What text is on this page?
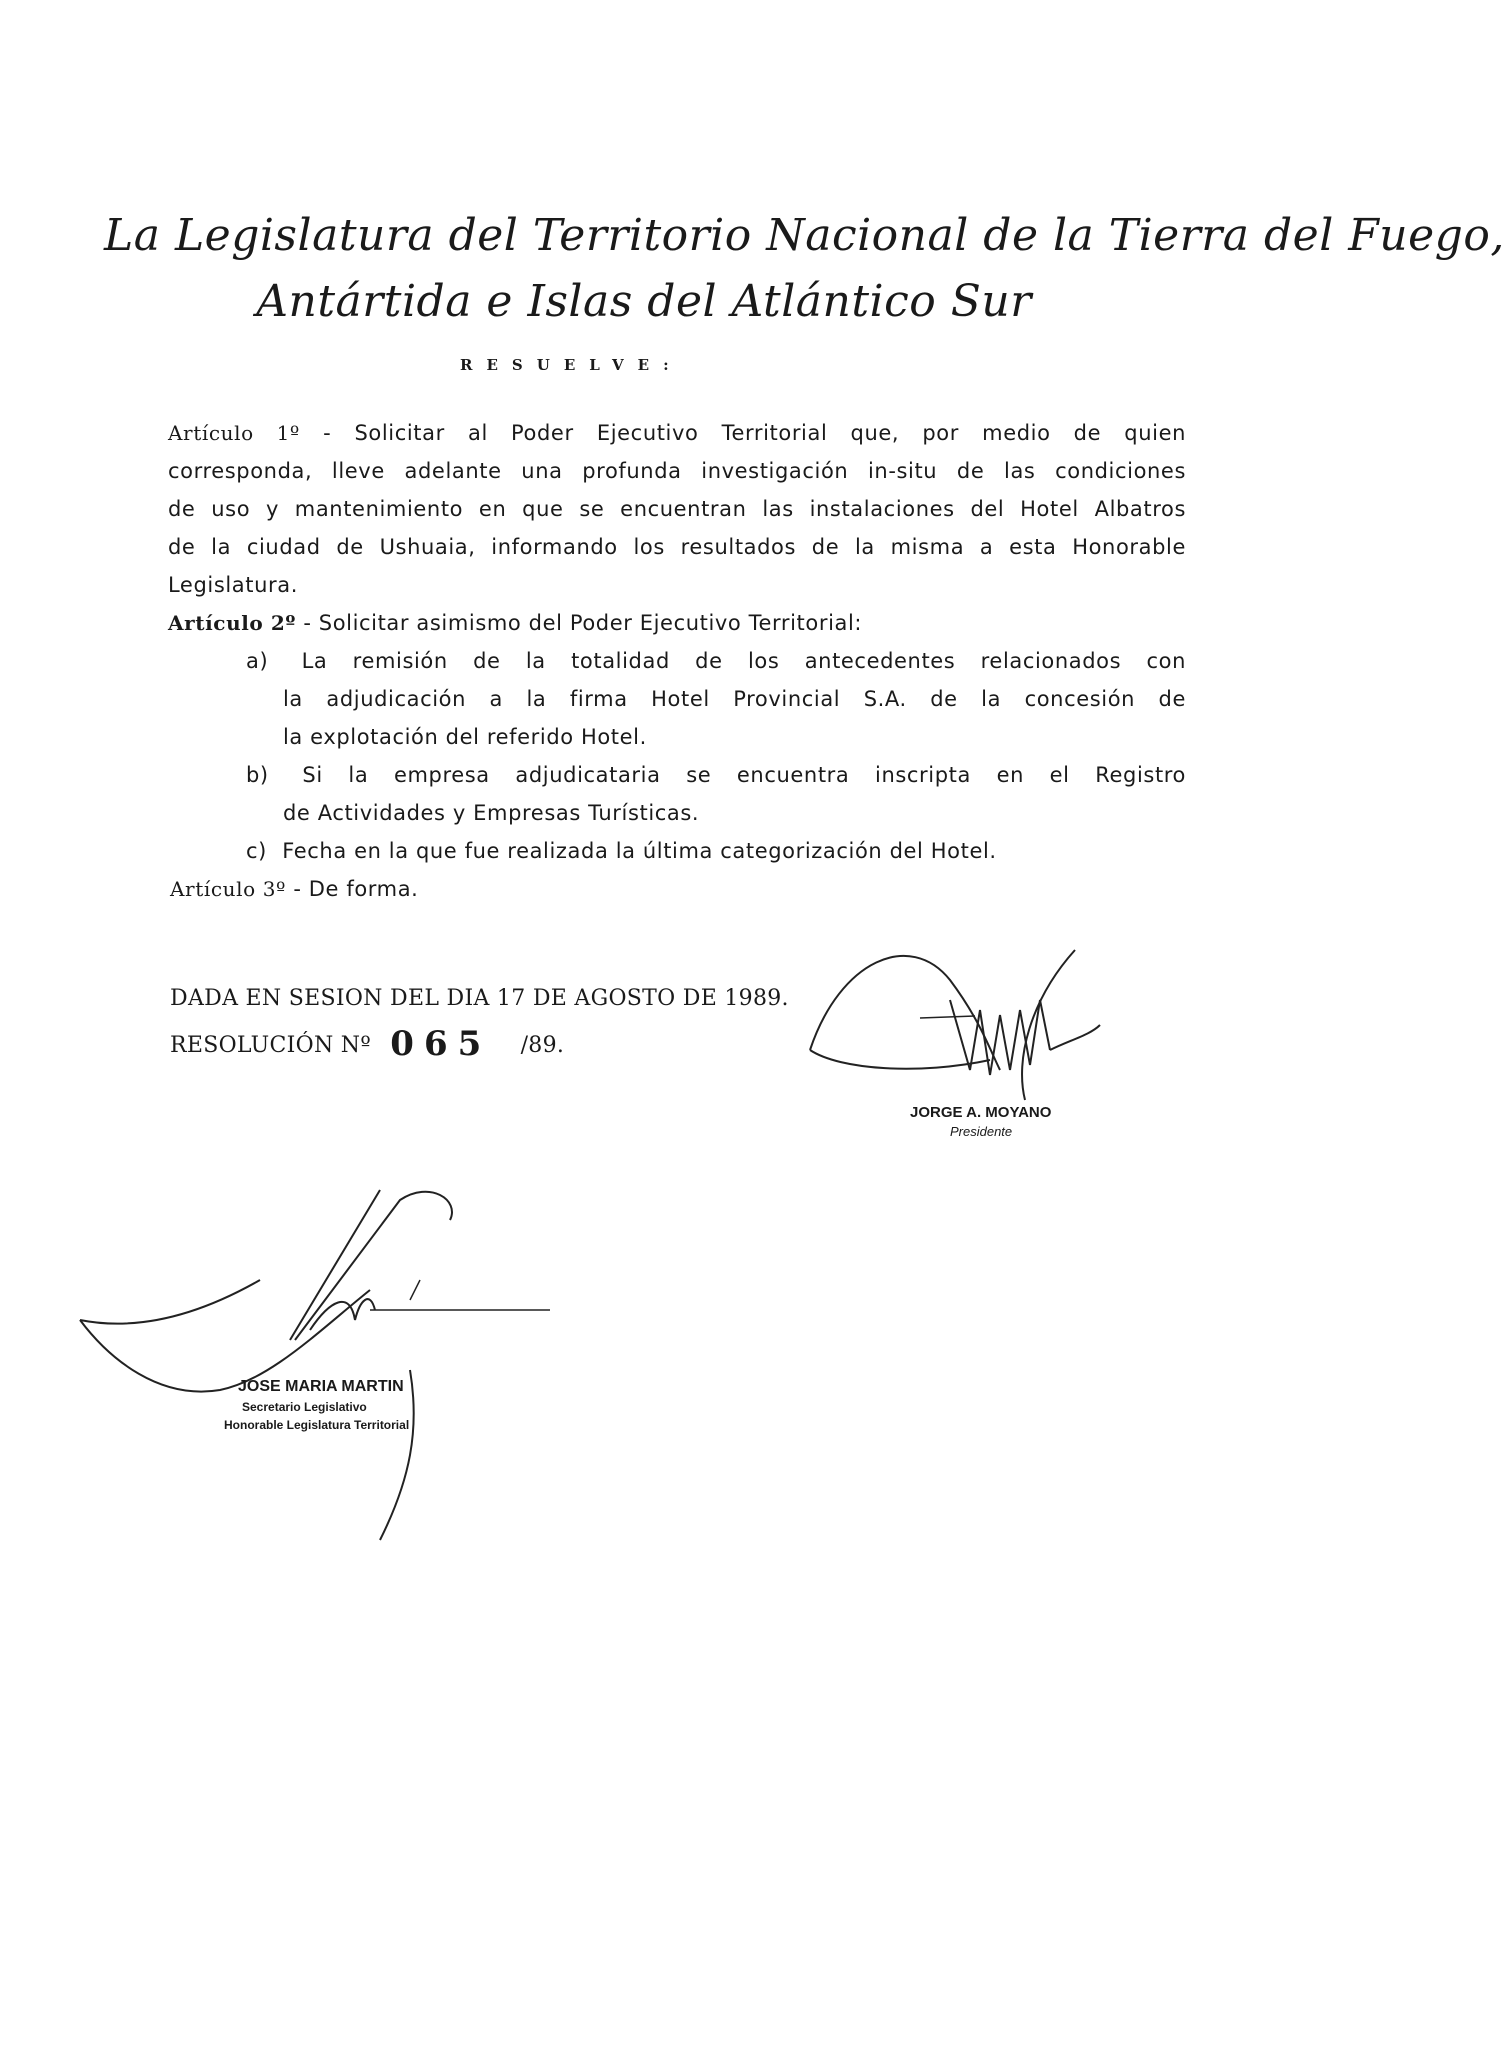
La Legislatura del Territorio Nacional de la Tierra del Fuego,
Antártida e Islas del Atlántico Sur
RESUELVE:
Artículo 1º - Solicitar al Poder Ejecutivo Territorial que, por medio de quien
corresponda, lleve adelante una profunda investigación in-situ de las condiciones
de uso y mantenimiento en que se encuentran las instalaciones del Hotel Albatros
de la ciudad de Ushuaia, informando los resultados de la misma a esta Honorable
Legislatura.
Artículo 2º - Solicitar asimismo del Poder Ejecutivo Territorial:
a) La remisión de la totalidad de los antecedentes relacionados con
la adjudicación a la firma Hotel Provincial S.A. de la concesión de
la explotación del referido Hotel.
b) Si la empresa adjudicataria se encuentra inscripta en el Registro
de Actividades y Empresas Turísticas.
c) Fecha en la que fue realizada la última categorización del Hotel.
Artículo 3º - De forma.
DADA EN SESION DEL DIA 17 DE AGOSTO DE 1989.
RESOLUCIÓN Nº 065 /89.
JORGE A. MOYANO
Presidente
JOSE MARIA MARTIN
Secretario Legislativo
Honorable Legislatura Territorial
